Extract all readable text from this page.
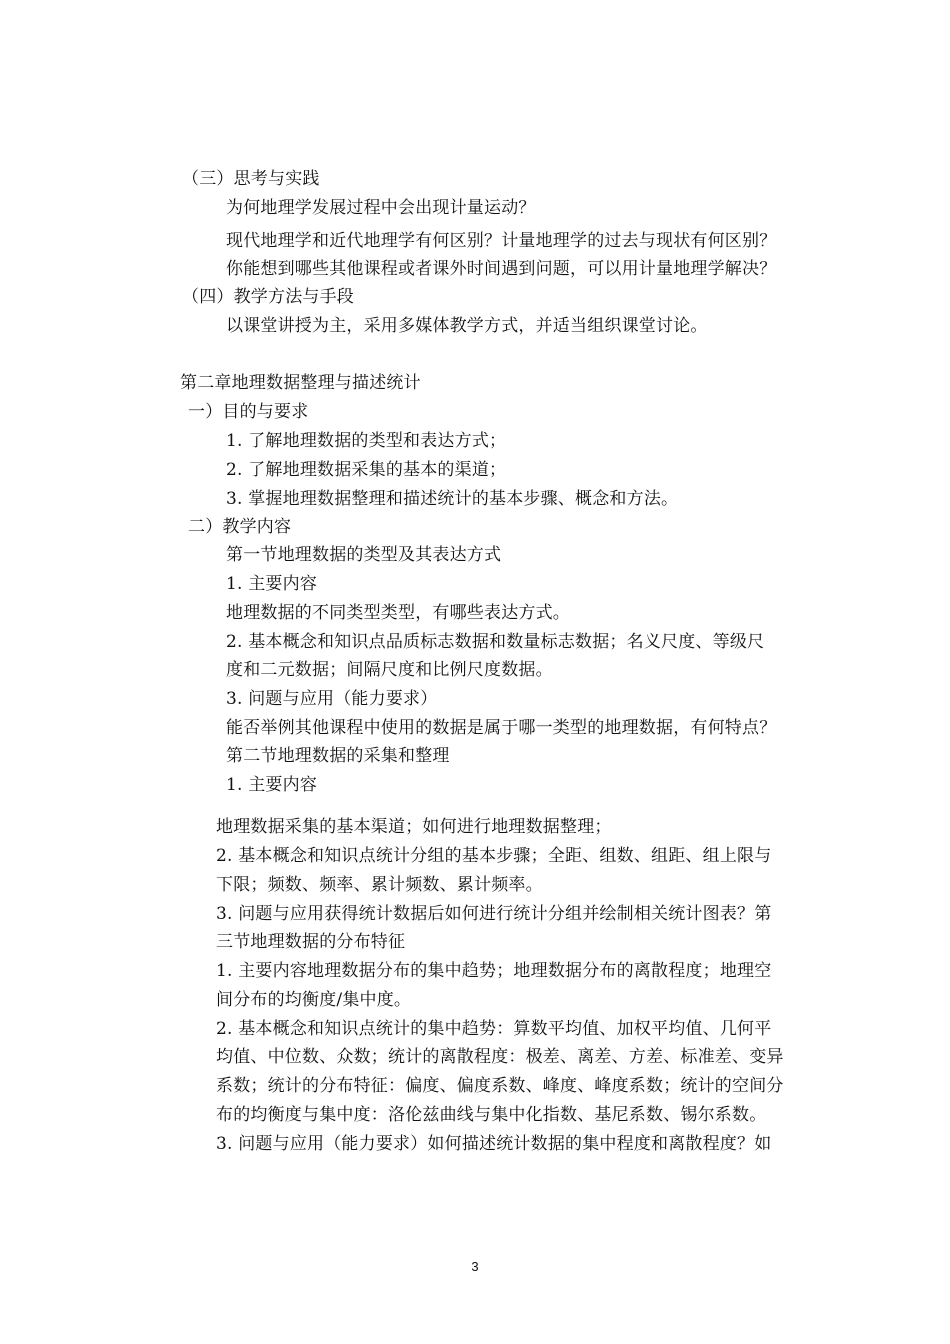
（三）思考与实践
为何地理学发展过程中会出现计量运动？
现代地理学和近代地理学有何区别？计量地理学的过去与现状有何区别？
你能想到哪些其他课程或者课外时间遇到问题，可以用计量地理学解决？
（四）教学方法与手段
以课堂讲授为主，采用多媒体教学方式，并适当组织课堂讨论。
第二章地理数据整理与描述统计
一）目的与要求
1. 了解地理数据的类型和表达方式；
2. 了解地理数据采集的基本的渠道；
3. 掌握地理数据整理和描述统计的基本步骤、概念和方法。
二）教学内容
第一节地理数据的类型及其表达方式
1. 主要内容
地理数据的不同类型类型，有哪些表达方式。
2. 基本概念和知识点品质标志数据和数量标志数据；名义尺度、等级尺
度和二元数据；间隔尺度和比例尺度数据。
3. 问题与应用（能力要求）
能否举例其他课程中使用的数据是属于哪一类型的地理数据，有何特点？
第二节地理数据的采集和整理
1. 主要内容
地理数据采集的基本渠道；如何进行地理数据整理；
2. 基本概念和知识点统计分组的基本步骤；全距、组数、组距、组上限与
下限；频数、频率、累计频数、累计频率。
3. 问题与应用获得统计数据后如何进行统计分组并绘制相关统计图表？第
三节地理数据的分布特征
1. 主要内容地理数据分布的集中趋势；地理数据分布的离散程度；地理空
间分布的均衡度/集中度。
2. 基本概念和知识点统计的集中趋势：算数平均值、加权平均值、几何平
均值、中位数、众数；统计的离散程度：极差、离差、方差、标准差、变异
系数；统计的分布特征：偏度、偏度系数、峰度、峰度系数；统计的空间分
布的均衡度与集中度：洛伦兹曲线与集中化指数、基尼系数、锡尔系数。
3. 问题与应用（能力要求）如何描述统计数据的集中程度和离散程度？如
3
